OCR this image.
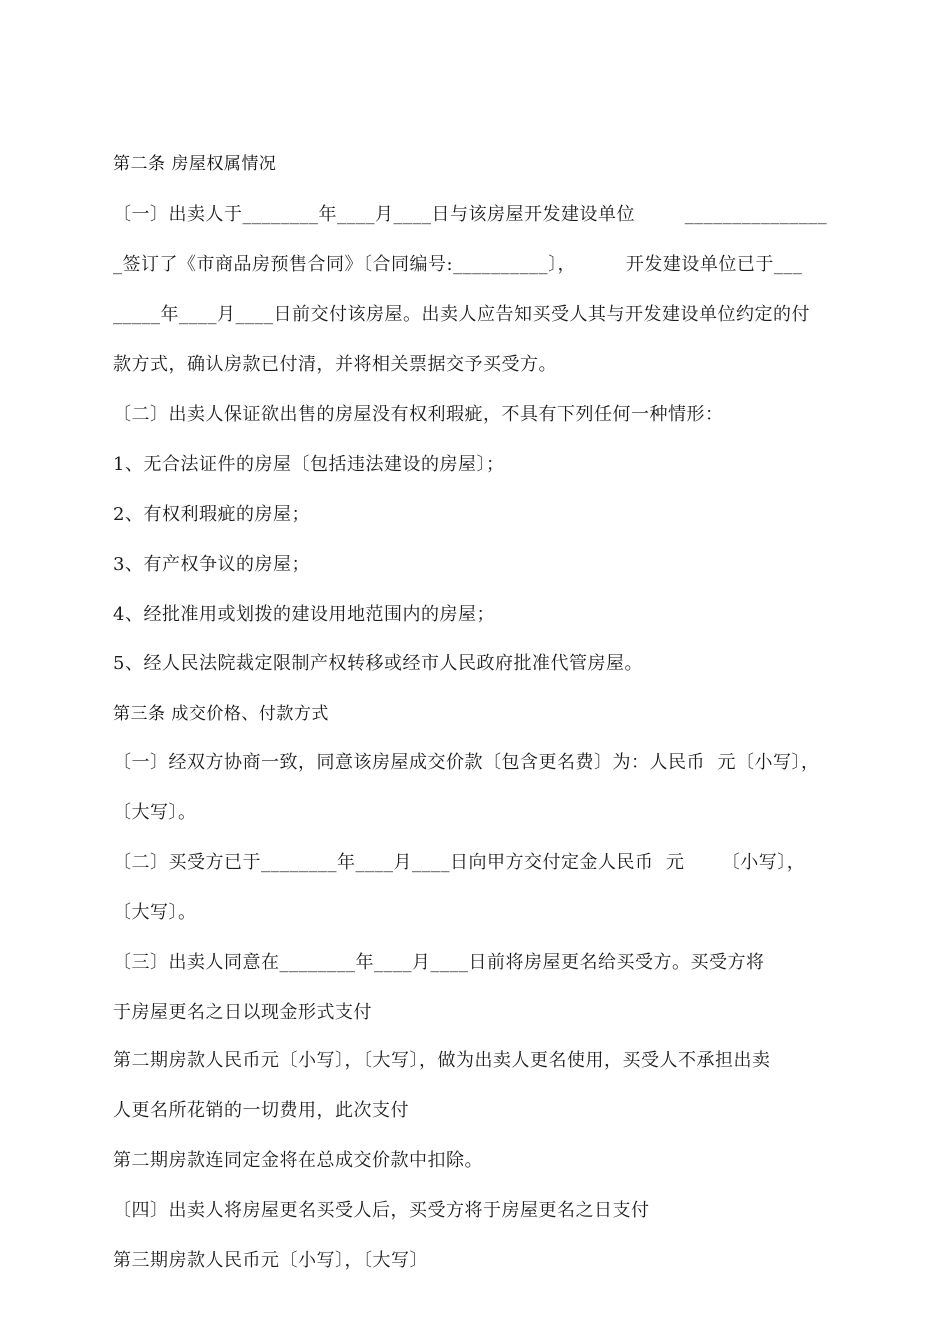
第二条 房屋权属情况

〔一〕出卖人于________年____月____日与该房屋开发建设单位        _______________

_签订了《市商品房预售合同》〔合同编号:__________〕，        开发建设单位已于___

_____年____月____日前交付该房屋。出卖人应告知买受人其与开发建设单位约定的付

款方式，确认房款已付清，并将相关票据交予买受方。

〔二〕出卖人保证欲出售的房屋没有权利瑕疵，不具有下列任何一种情形：

1、无合法证件的房屋〔包括违法建设的房屋〕；

2、有权利瑕疵的房屋；

3、有产权争议的房屋；

4、经批准用或划拨的建设用地范围内的房屋；

5、经人民法院裁定限制产权转移或经市人民政府批准代管房屋。

第三条 成交价格、付款方式

〔一〕经双方协商一致，同意该房屋成交价款〔包含更名费〕为：人民币  元〔小写〕，

〔大写〕。

〔二〕买受方已于________年____月____日向甲方交付定金人民币  元      〔小写〕，

〔大写〕。

〔三〕出卖人同意在________年____月____日前将房屋更名给买受方。买受方将

于房屋更名之日以现金形式支付

第二期房款人民币元〔小写〕，〔大写〕，做为出卖人更名使用，买受人不承担出卖

人更名所花销的一切费用，此次支付

第二期房款连同定金将在总成交价款中扣除。

〔四〕出卖人将房屋更名买受人后，买受方将于房屋更名之日支付

第三期房款人民币元〔小写〕，〔大写〕
